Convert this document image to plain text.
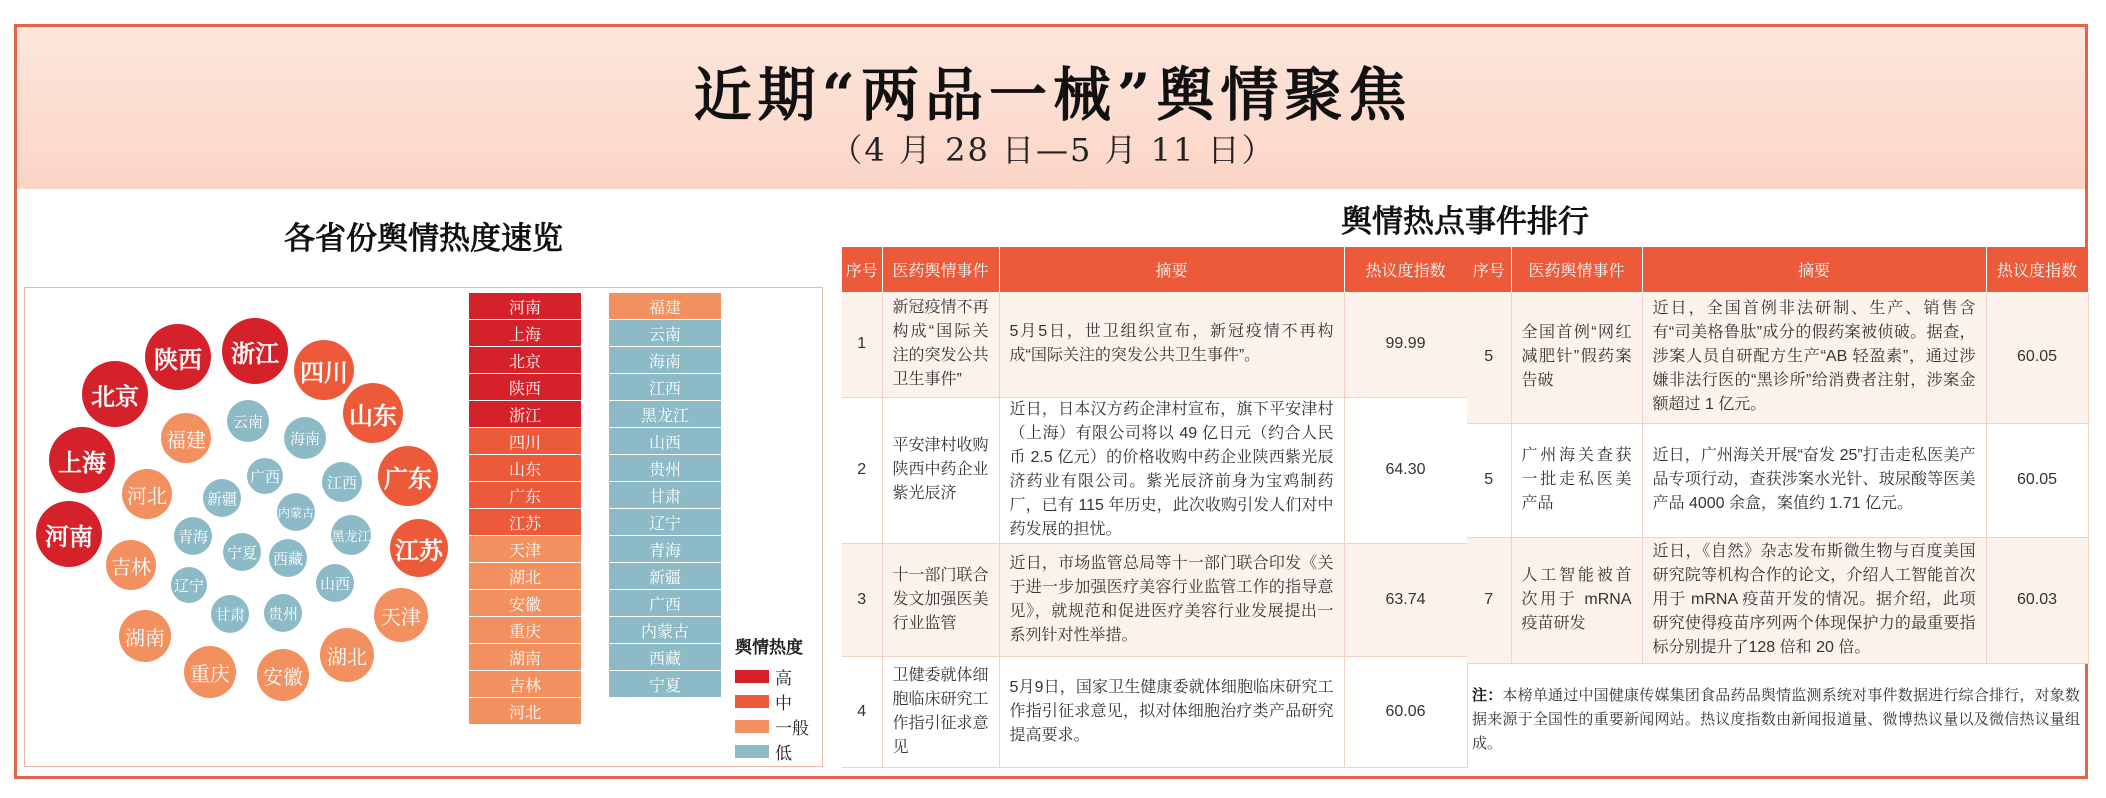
近期“两品一械”舆情聚焦
（4 月 28 日—5 月 11 日）
各省份舆情热度速览	舆情热点事件排行
陕西	浙江
北京
上海
河南
四川
山东
广东
江苏
福建
河北
吉林
湖南
重庆	安徽
湖北
天津
云南
海南
广西	江西
新疆
内蒙古
青海	黑龙江
宁夏 西藏
辽宁	山西
甘肃 贵州
河南
上海
北京
陕西
浙江
四川
山东
广东
江苏
天津
湖北
安徽
重庆
湖南
吉林
河北
福建
云南
海南
江西
黑龙江
山西
贵州
甘肃
辽宁
青海
新疆
广西
内蒙古
西藏
宁夏
舆情热度
高
中
一般
低
序号	医药舆情事件	摘要	热议度指数
1	新冠疫情不再构成“国际关注的突发公共卫生事件”	5月5日，世卫组织宣布，新冠疫情不再构成“国际关注的突发公共卫生事件”。	99.99
2	平安津村收购陕西中药企业紫光辰济	近日，日本汉方药企津村宣布，旗下平安津村（上海）有限公司将以 49 亿日元（约合人民币 2.5 亿元）的价格收购中药企业陕西紫光辰济药业有限公司。紫光辰济前身为宝鸡制药厂，已有 115 年历史，此次收购引发人们对中药发展的担忧。	64.30
3	十一部门联合发文加强医美行业监管	近日，市场监管总局等十一部门联合印发《关于进一步加强医疗美容行业监管工作的指导意见》，就规范和促进医疗美容行业发展提出一系列针对性举措。	63.74
4	卫健委就体细胞临床研究工作指引征求意见	5月9日，国家卫生健康委就体细胞临床研究工作指引征求意见，拟对体细胞治疗类产品研究提高要求。	60.06
序号	医药舆情事件	摘要	热议度指数
5	全国首例“网红减肥针”假药案告破	近日，全国首例非法研制、生产、销售含有“司美格鲁肽”成分的假药案被侦破。据查，涉案人员自研配方生产“AB 轻盈素”，通过涉嫌非法行医的“黑诊所”给消费者注射，涉案金额超过 1 亿元。	60.05
5	广州海关查获一批走私医美产品	近日，广州海关开展“奋发 25”打击走私医美产品专项行动，查获涉案水光针、玻尿酸等医美产品 4000 余盒，案值约 1.71 亿元。	60.05
7	人工智能被首次用于 mRNA 疫苗研发	近日，《自然》杂志发布斯微生物与百度美国研究院等机构合作的论文，介绍人工智能首次用于 mRNA 疫苗开发的情况。据介绍，此项研究使得疫苗序列两个体现保护力的最重要指标分别提升了128 倍和 20 倍。	60.03
注：本榜单通过中国健康传媒集团食品药品舆情监测系统对事件数据进行综合排行，对象数据来源于全国性的重要新闻网站。热议度指数由新闻报道量、微博热议量以及微信热议量组成。
